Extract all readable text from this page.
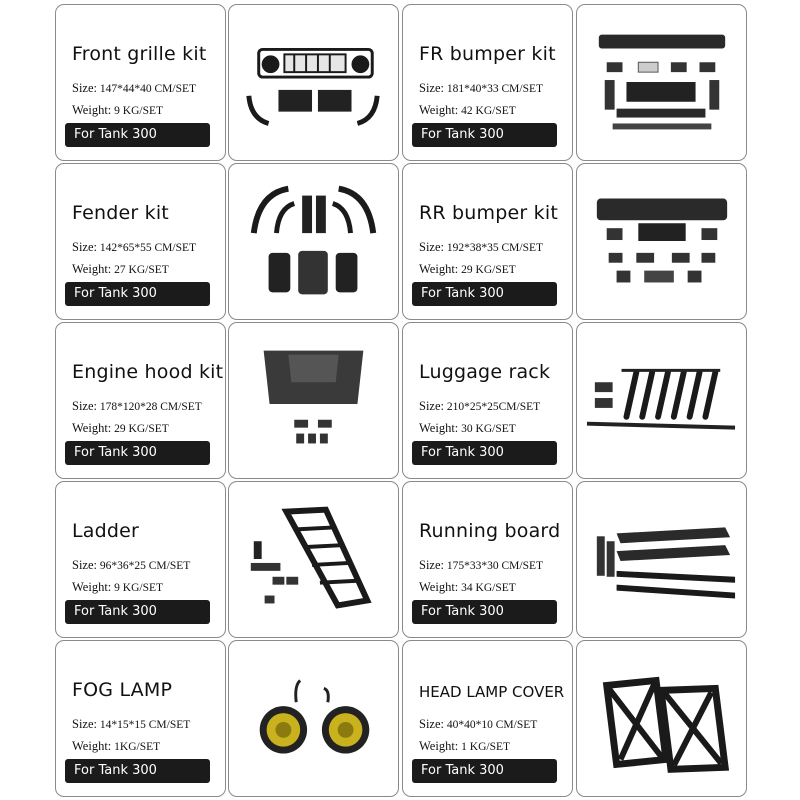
Front grille kit
Size: 147*44*40 CM/SET
Weight: 9 KG/SET
For Tank 300
FR bumper kit
Size: 181*40*33 CM/SET
Weight: 42 KG/SET
For Tank 300
Fender kit
Size: 142*65*55 CM/SET
Weight: 27 KG/SET
For Tank 300
RR bumper kit
Size: 192*38*35 CM/SET
Weight: 29 KG/SET
For Tank 300
Engine hood kit
Size: 178*120*28 CM/SET
Weight: 29 KG/SET
For Tank 300
Luggage rack
Size: 210*25*25CM/SET
Weight: 30 KG/SET
For Tank 300
Ladder
Size: 96*36*25 CM/SET
Weight: 9 KG/SET
For Tank 300
Running board
Size: 175*33*30 CM/SET
Weight: 34 KG/SET
For Tank 300
FOG LAMP
Size: 14*15*15 CM/SET
Weight: 1KG/SET
For Tank 300
HEAD LAMP COVER
Size: 40*40*10 CM/SET
Weight: 1 KG/SET
For Tank 300
